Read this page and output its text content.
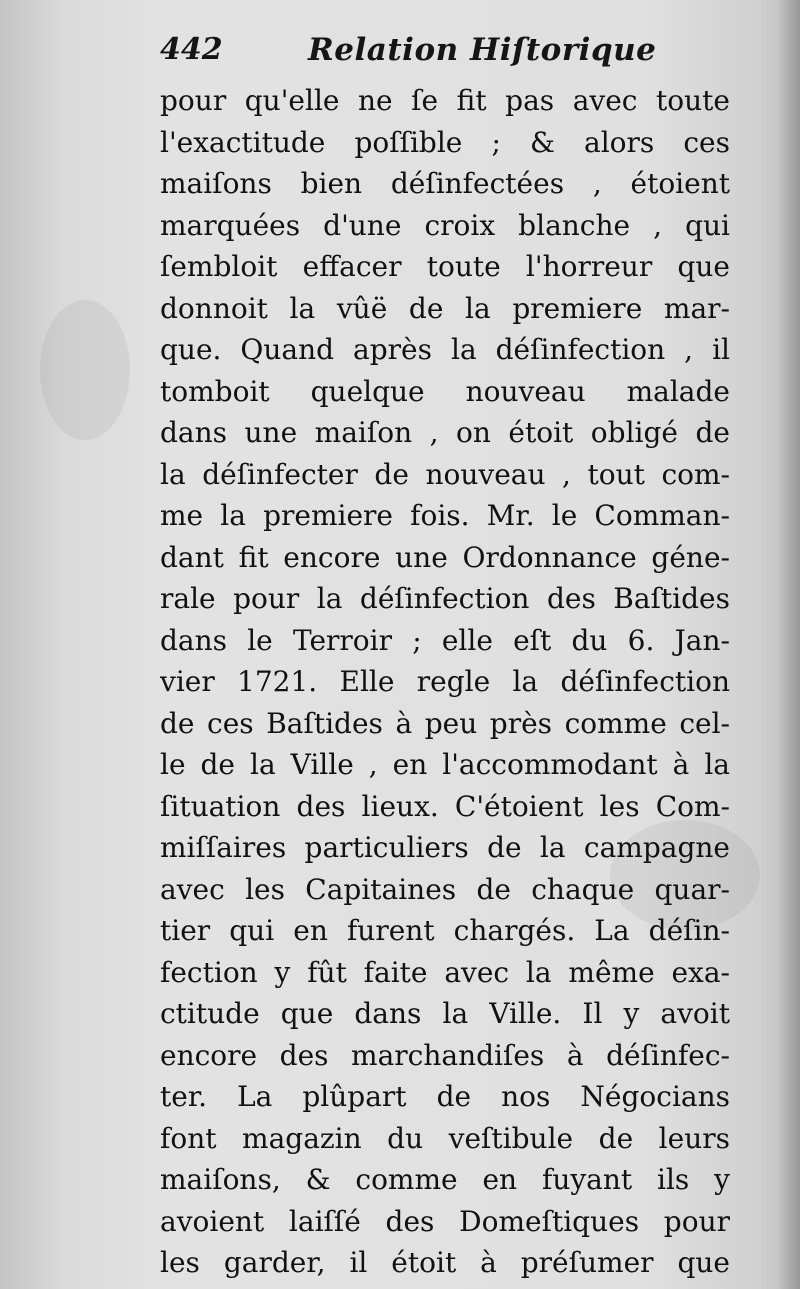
442	Relation Hiſtorique
pour qu'elle ne ſe fit pas avec toute
l'exactitude poſſible ; & alors ces
maiſons bien déſinfectées , étoient
marquées d'une croix blanche , qui
ſembloit effacer toute l'horreur que
donnoit la vûë de la premiere mar-
que. Quand après la déſinfection , il
tomboit quelque nouveau malade
dans une maiſon , on étoit obligé de
la déſinfecter de nouveau , tout com-
me la premiere fois. Mr. le Comman-
dant fit encore une Ordonnance géne-
rale pour la déſinfection des Baſtides
dans le Terroir ; elle eſt du 6. Jan-
vier 1721. Elle regle la déſinfection
de ces Baſtides à peu près comme cel-
le de la Ville , en l'accommodant à la
ſituation des lieux. C'étoient les Com-
miſſaires particuliers de la campagne
avec les Capitaines de chaque quar-
tier qui en furent chargés. La déſin-
fection y fût faite avec la même exa-
ctitude que dans la Ville. Il y avoit
encore des marchandiſes à déſinfec-
ter. La plûpart de nos Négocians
font magazin du veſtibule de leurs
maiſons, & comme en fuyant ils y
avoient laiſſé des Domeſtiques pour
les garder, il étoit à préſumer que
